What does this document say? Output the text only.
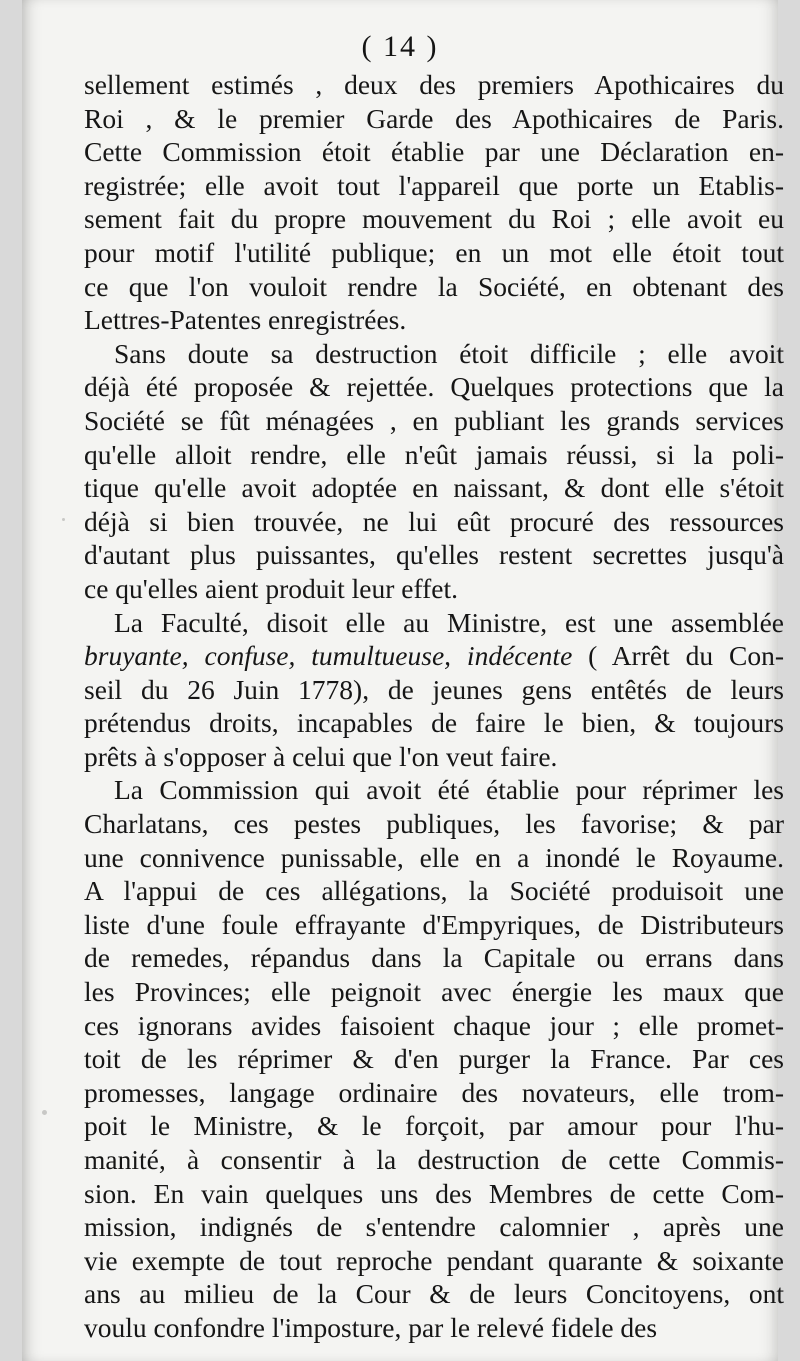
( 14 )
sellement estimés , deux des premiers Apothicaires du
Roi , & le premier Garde des Apothicaires de Paris.
Cette Commission étoit établie par une Déclaration en-
registrée; elle avoit tout l'appareil que porte un Etablis-
sement fait du propre mouvement du Roi ; elle avoit eu
pour motif l'utilité publique; en un mot elle étoit tout
ce que l'on vouloit rendre la Société, en obtenant des
Lettres-Patentes enregistrées.
Sans doute sa destruction étoit difficile ; elle avoit
déjà été proposée & rejettée. Quelques protections que la
Société se fût ménagées , en publiant les grands services
qu'elle alloit rendre, elle n'eût jamais réussi, si la poli-
tique qu'elle avoit adoptée en naissant, & dont elle s'étoit
déjà si bien trouvée, ne lui eût procuré des ressources
d'autant plus puissantes, qu'elles restent secrettes jusqu'à
ce qu'elles aient produit leur effet.
La Faculté, disoit elle au Ministre, est une assemblée
bruyante, confuse, tumultueuse, indécente ( Arrêt du Con-
seil du 26 Juin 1778), de jeunes gens entêtés de leurs
prétendus droits, incapables de faire le bien, & toujours
prêts à s'opposer à celui que l'on veut faire.
La Commission qui avoit été établie pour réprimer les
Charlatans, ces pestes publiques, les favorise; & par
une connivence punissable, elle en a inondé le Royaume.
A l'appui de ces allégations, la Société produisoit une
liste d'une foule effrayante d'Empyriques, de Distributeurs
de remedes, répandus dans la Capitale ou errans dans
les Provinces; elle peignoit avec énergie les maux que
ces ignorans avides faisoient chaque jour ; elle promet-
toit de les réprimer & d'en purger la France. Par ces
promesses, langage ordinaire des novateurs, elle trom-
poit le Ministre, & le forçoit, par amour pour l'hu-
manité, à consentir à la destruction de cette Commis-
sion. En vain quelques uns des Membres de cette Com-
mission, indignés de s'entendre calomnier , après une
vie exempte de tout reproche pendant quarante & soixante
ans au milieu de la Cour & de leurs Concitoyens, ont
voulu confondre l'imposture, par le relevé fidele des
